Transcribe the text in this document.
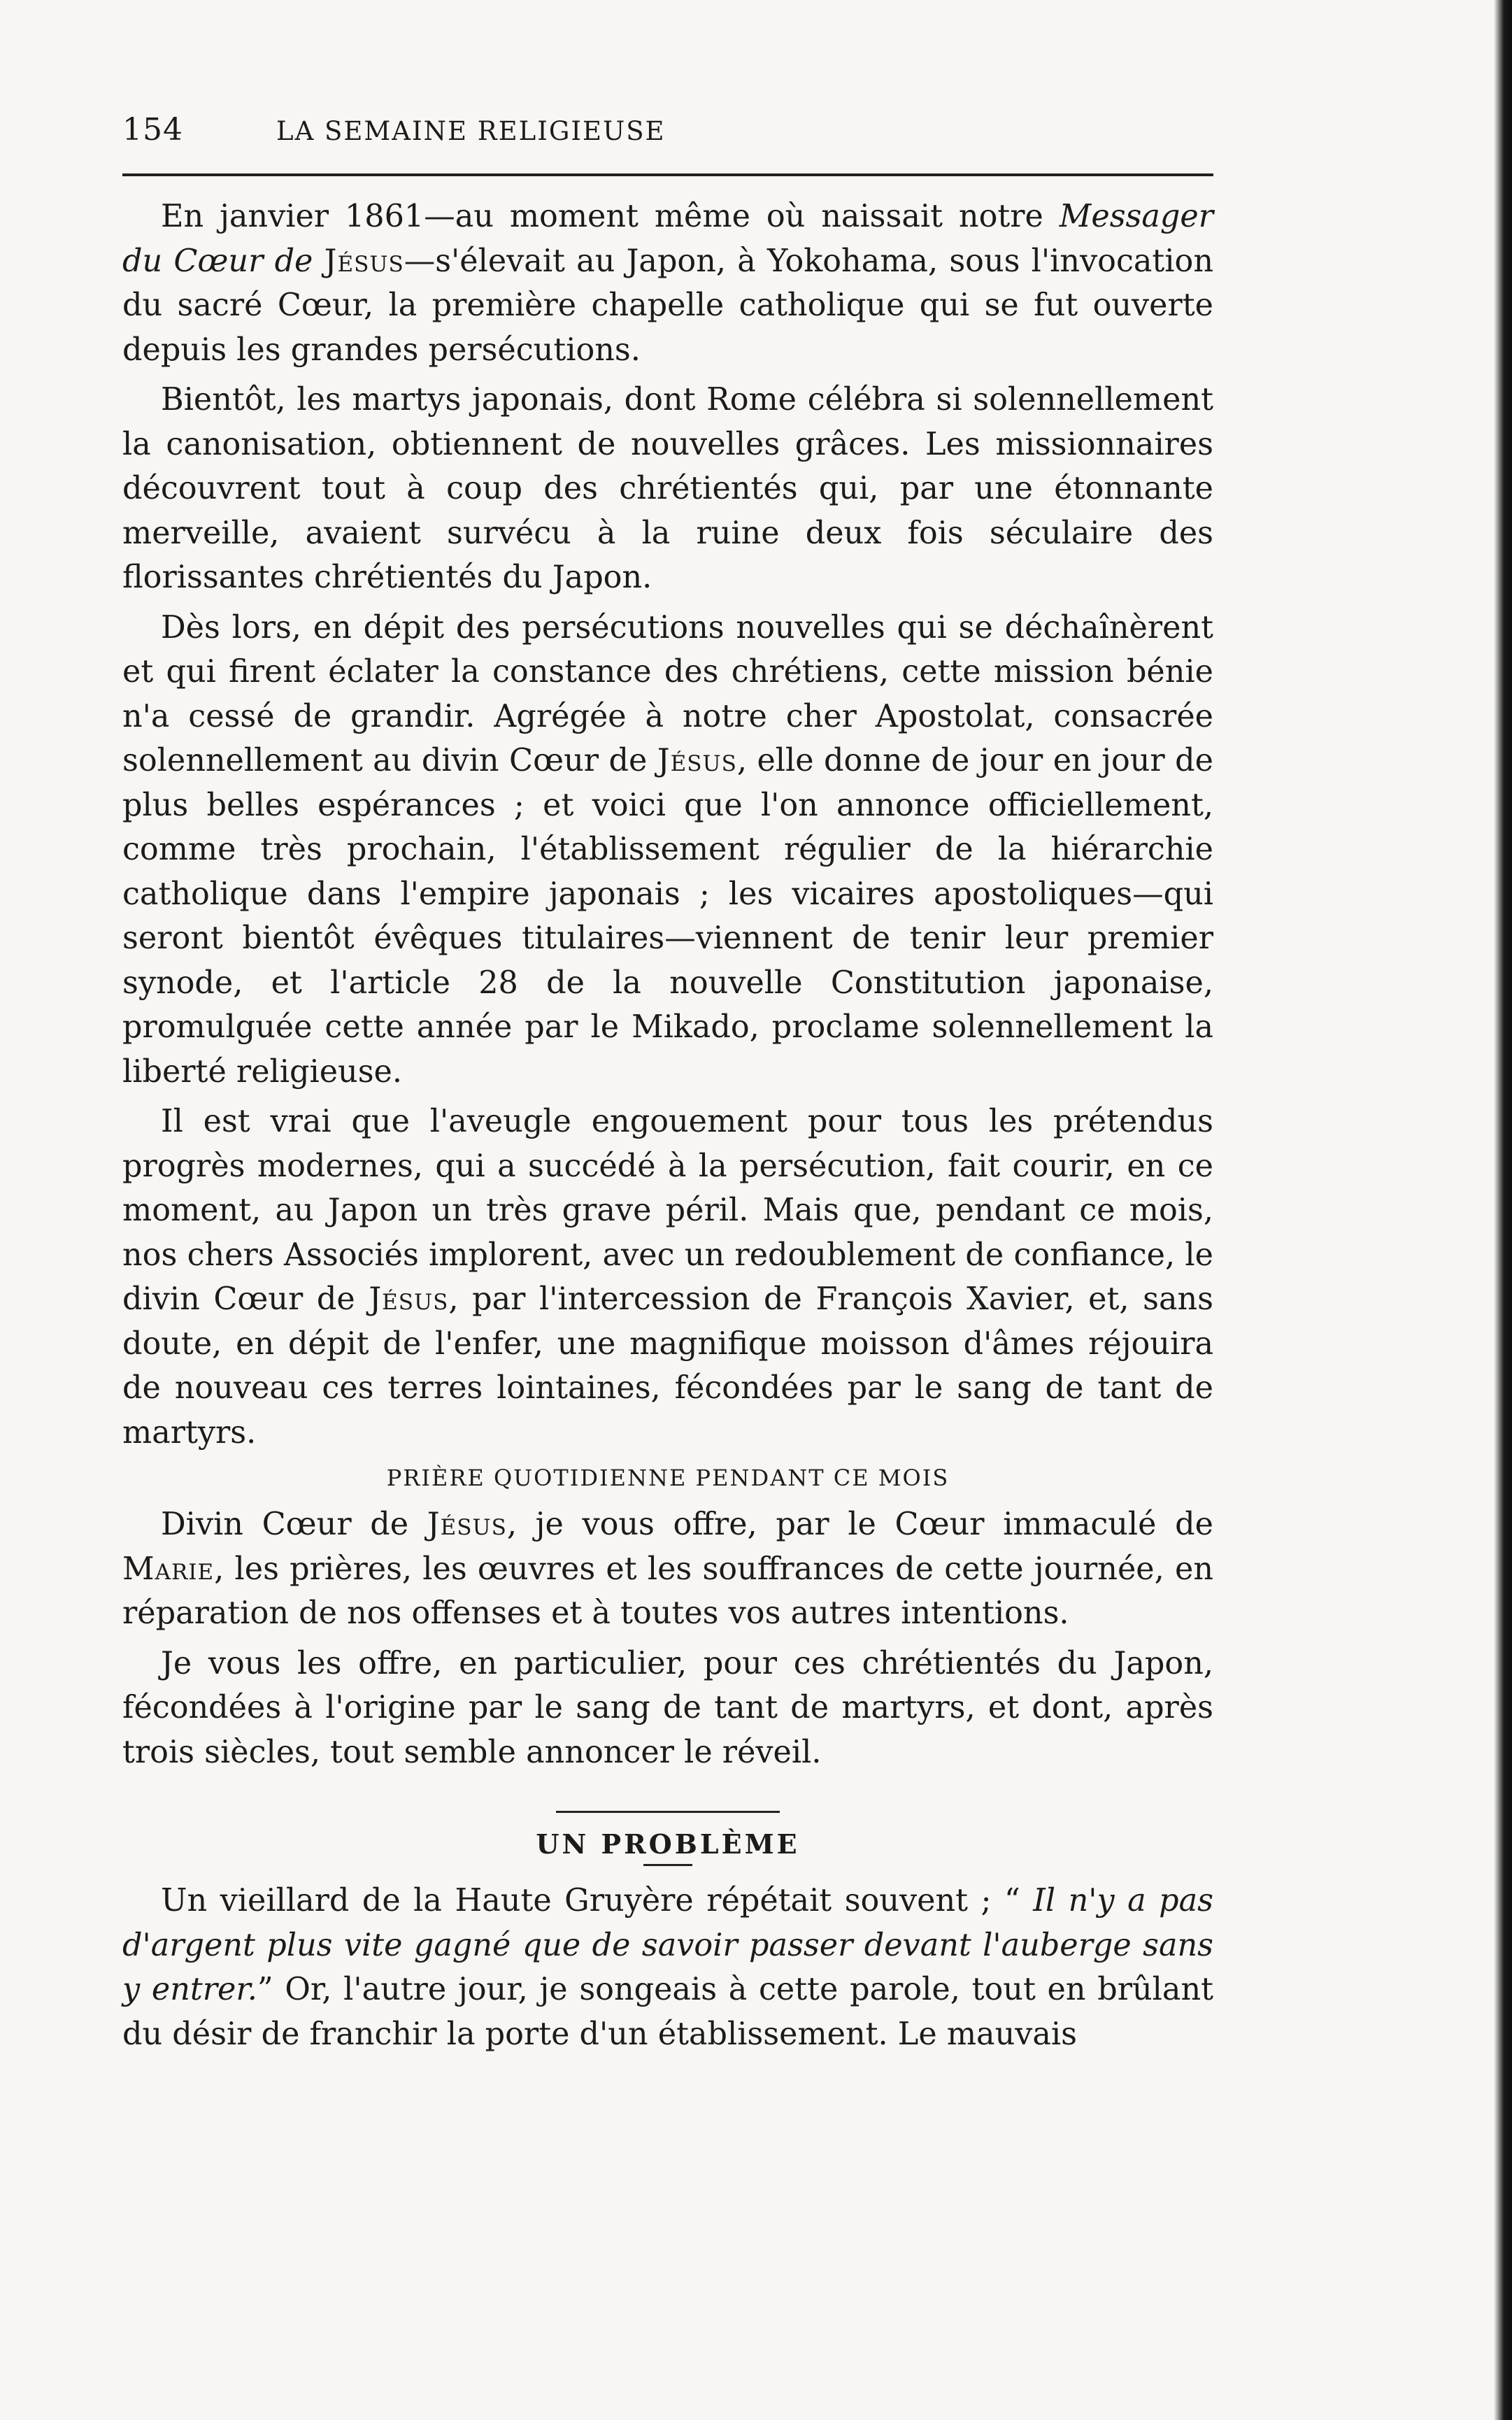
154	LA SEMAINE RELIGIEUSE

En janvier 1861—au moment même où naissait notre Messager du Cœur de Jésus—s'élevait au Japon, à Yokohama, sous l'invocation du sacré Cœur, la première chapelle catholique qui se fut ouverte depuis les grandes persécutions.

Bientôt, les martys japonais, dont Rome célébra si solennellement la canonisation, obtiennent de nouvelles grâces. Les missionnaires découvrent tout à coup des chrétientés qui, par une étonnante merveille, avaient survécu à la ruine deux fois séculaire des florissantes chrétientés du Japon.

Dès lors, en dépit des persécutions nouvelles qui se déchaînèrent et qui firent éclater la constance des chrétiens, cette mission bénie n'a cessé de grandir. Agrégée à notre cher Apostolat, consacrée solennellement au divin Cœur de Jésus, elle donne de jour en jour de plus belles espérances ; et voici que l'on annonce officiellement, comme très prochain, l'établissement régulier de la hiérarchie catholique dans l'empire japonais ; les vicaires apostoliques—qui seront bientôt évêques titulaires—viennent de tenir leur premier synode, et l'article 28 de la nouvelle Constitution japonaise, promulguée cette année par le Mikado, proclame solennellement la liberté religieuse.

Il est vrai que l'aveugle engouement pour tous les prétendus progrès modernes, qui a succédé à la persécution, fait courir, en ce moment, au Japon un très grave péril. Mais que, pendant ce mois, nos chers Associés implorent, avec un redoublement de confiance, le divin Cœur de Jésus, par l'intercession de François Xavier, et, sans doute, en dépit de l'enfer, une magnifique moisson d'âmes réjouira de nouveau ces terres lointaines, fécondées par le sang de tant de martyrs.

PRIÈRE QUOTIDIENNE PENDANT CE MOIS

Divin Cœur de Jésus, je vous offre, par le Cœur immaculé de Marie, les prières, les œuvres et les souffrances de cette journée, en réparation de nos offenses et à toutes vos autres intentions.

Je vous les offre, en particulier, pour ces chrétientés du Japon, fécondées à l'origine par le sang de tant de martyrs, et dont, après trois siècles, tout semble annoncer le réveil.

UN PROBLÈME

Un vieillard de la Haute Gruyère répétait souvent ; “ Il n'y a pas d'argent plus vite gagné que de savoir passer devant l'auberge sans y entrer.” Or, l'autre jour, je songeais à cette parole, tout en brûlant du désir de franchir la porte d'un établissement. Le mauvais
